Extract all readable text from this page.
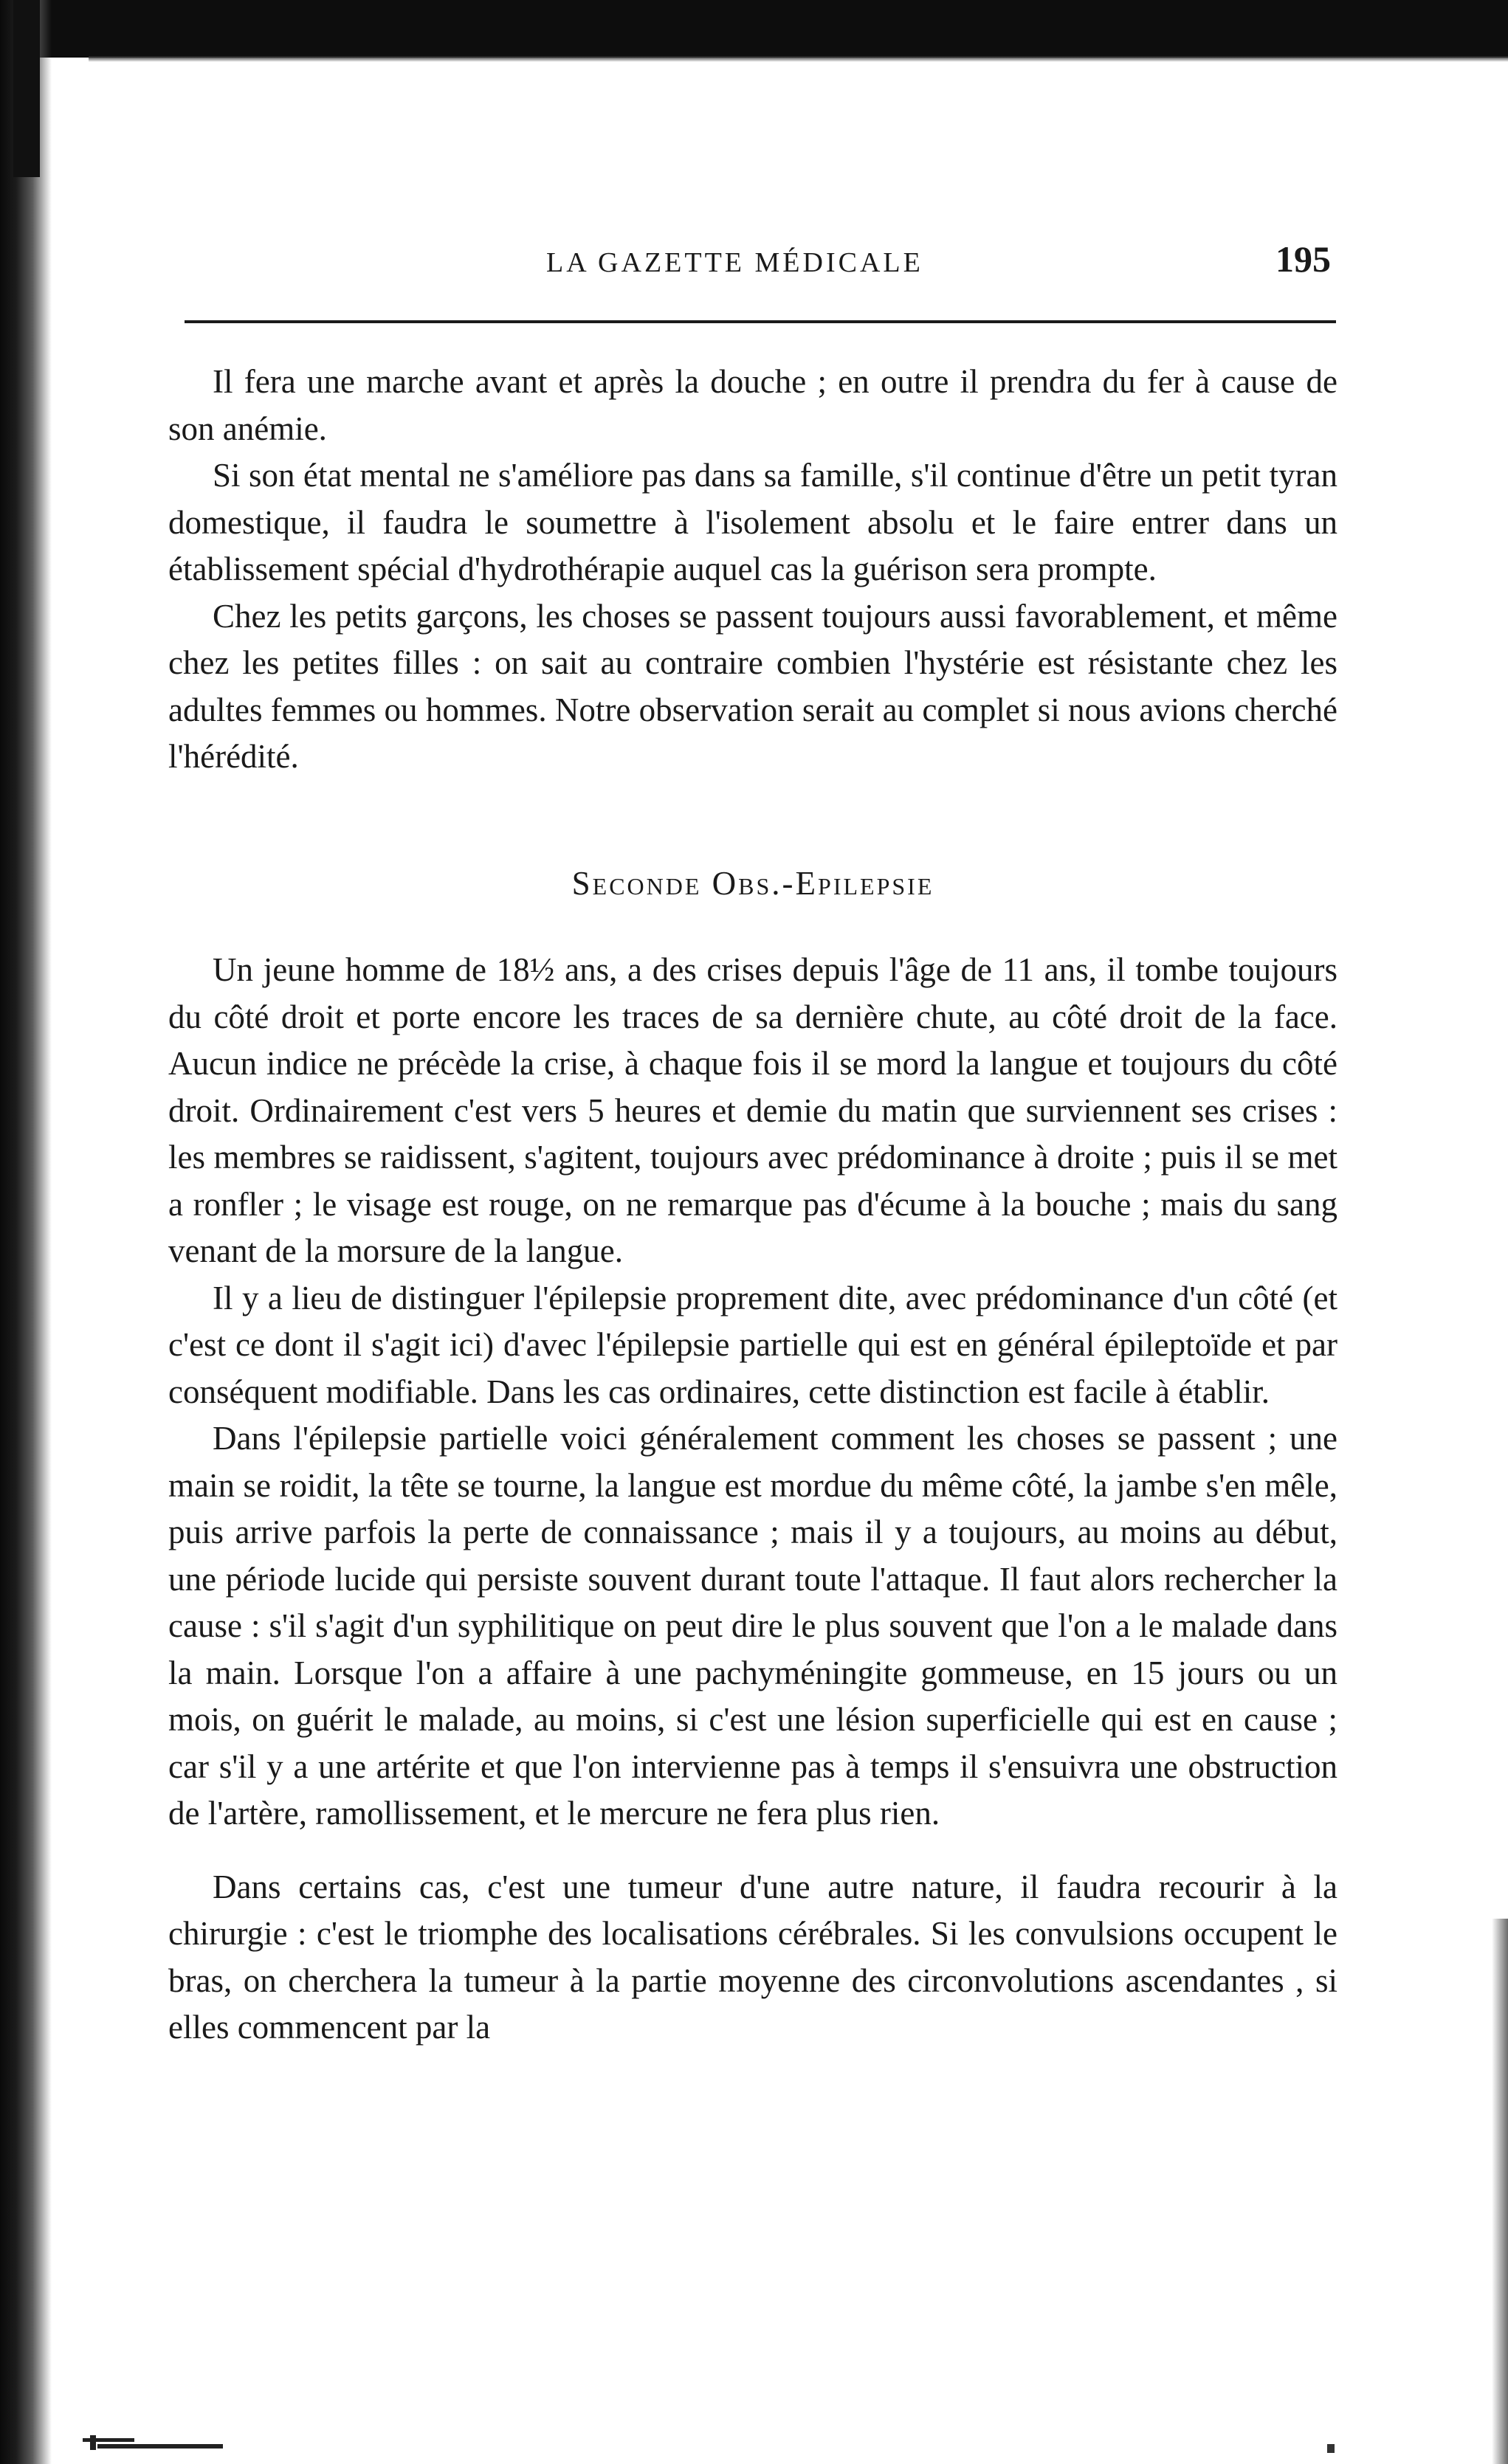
LA GAZETTE MÉDICALE	195

Il fera une marche avant et après la douche ; en outre il prendra du fer à cause de son anémie.

Si son état mental ne s'améliore pas dans sa famille, s'il continue d'être un petit tyran domestique, il faudra le soumettre à l'isolement absolu et le faire entrer dans un établissement spécial d'hydrothérapie auquel cas la guérison sera prompte.

Chez les petits garçons, les choses se passent toujours aussi favorablement, et même chez les petites filles : on sait au contraire combien l'hystérie est résistante chez les adultes femmes ou hommes. Notre observation serait au complet si nous avions cherché l'hérédité.

Seconde Obs.-Epilepsie

Un jeune homme de 18½ ans, a des crises depuis l'âge de 11 ans, il tombe toujours du côté droit et porte encore les traces de sa dernière chute, au côté droit de la face. Aucun indice ne précède la crise, à chaque fois il se mord la langue et toujours du côté droit. Ordinairement c'est vers 5 heures et demie du matin que surviennent ses crises : les membres se raidissent, s'agitent, toujours avec prédominance à droite ; puis il se met a ronfler ; le visage est rouge, on ne remarque pas d'écume à la bouche ; mais du sang venant de la morsure de la langue.

Il y a lieu de distinguer l'épilepsie proprement dite, avec prédominance d'un côté (et c'est ce dont il s'agit ici) d'avec l'épilepsie partielle qui est en général épileptoïde et par conséquent modifiable. Dans les cas ordinaires, cette distinction est facile à établir.

Dans l'épilepsie partielle voici généralement comment les choses se passent ; une main se roidit, la tête se tourne, la langue est mordue du même côté, la jambe s'en mêle, puis arrive parfois la perte de connaissance ; mais il y a toujours, au moins au début, une période lucide qui persiste souvent durant toute l'attaque. Il faut alors rechercher la cause : s'il s'agit d'un syphilitique on peut dire le plus souvent que l'on a le malade dans la main. Lorsque l'on a affaire à une pachyméningite gommeuse, en 15 jours ou un mois, on guérit le malade, au moins, si c'est une lésion superficielle qui est en cause ; car s'il y a une artérite et que l'on intervienne pas à temps il s'ensuivra une obstruction de l'artère, ramollissement, et le mercure ne fera plus rien.

Dans certains cas, c'est une tumeur d'une autre nature, il faudra recourir à la chirurgie : c'est le triomphe des localisations cérébrales. Si les convulsions occupent le bras, on cherchera la tumeur à la partie moyenne des circonvolutions ascendantes , si elles commencent par la
